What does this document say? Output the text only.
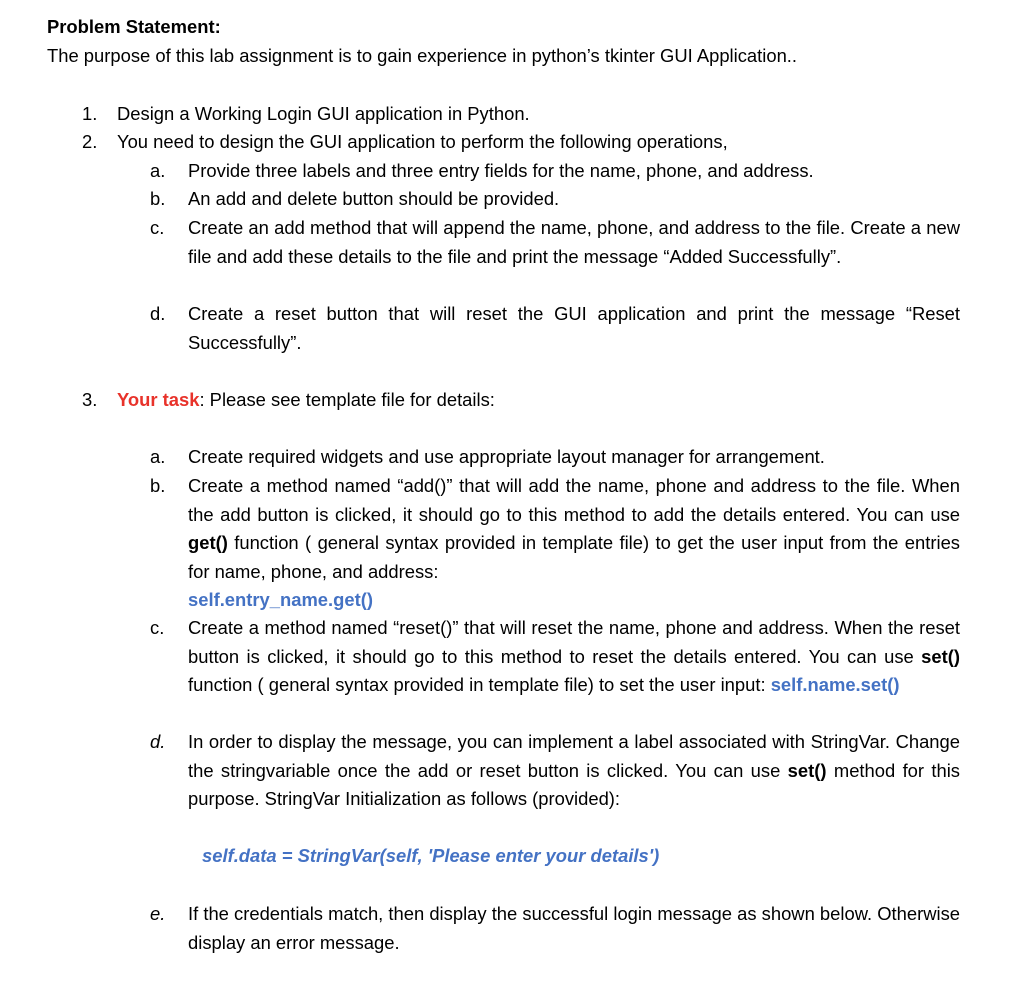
Problem Statement:
The purpose of this lab assignment is to gain experience in python’s tkinter GUI Application..
1. Design a Working Login GUI application in Python.
2. You need to design the GUI application to perform the following operations,
a. Provide three labels and three entry fields for the name, phone, and address.
b. An add and delete button should be provided.
c. Create an add method that will append the name, phone, and address to the file. Create a new file and add these details to the file and print the message “Added Successfully”.
d. Create a reset button that will reset the GUI application and print the message “Reset Successfully”.
3. Your task: Please see template file for details:
a. Create required widgets and use appropriate layout manager for arrangement.
b. Create a method named “add()” that will add the name, phone and address to the file. When the add button is clicked, it should go to this method to add the details entered. You can use get() function ( general syntax provided in template file) to get the user input from the entries for name, phone, and address:
self.entry_name.get()
c. Create a method named “reset()” that will reset the name, phone and address. When the reset button is clicked, it should go to this method to reset the details entered. You can use set() function ( general syntax provided in template file) to set the user input: self.name.set()
d. In order to display the message, you can implement a label associated with StringVar. Change the stringvariable once the add or reset button is clicked. You can use set() method for this purpose. StringVar Initialization as follows (provided):
self.data = StringVar(self, 'Please enter your details')
e. If the credentials match, then display the successful login message as shown below. Otherwise display an error message.
